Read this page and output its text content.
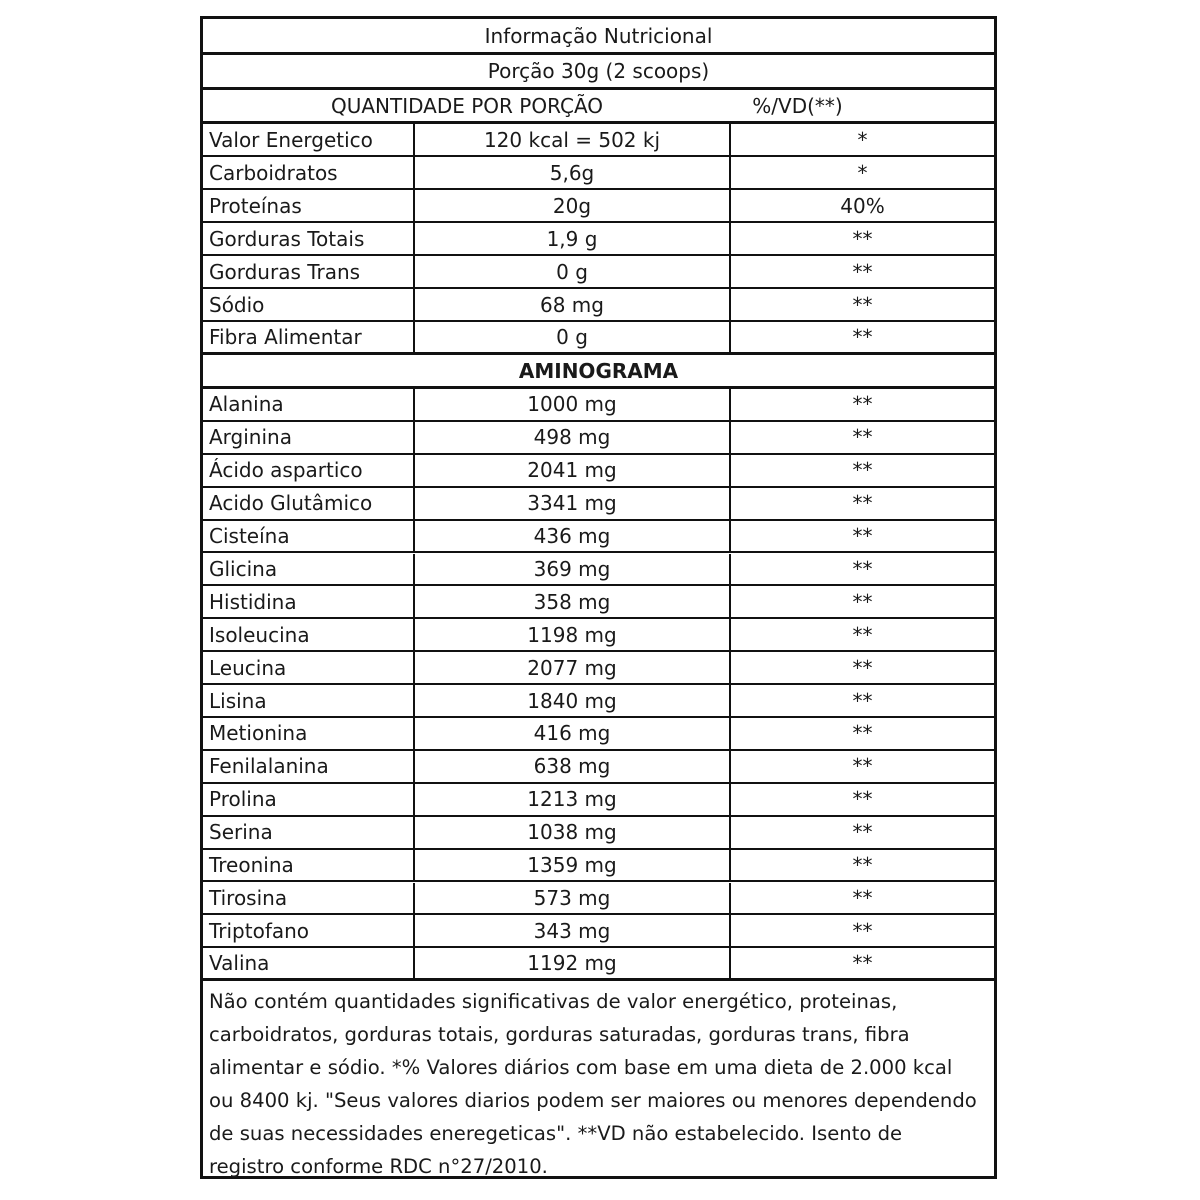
Informação Nutricional
Porção 30g (2 scoops)
QUANTIDADE POR PORÇÃO	%/VD(**)
Valor Energetico	120 kcal = 502 kj	*
Carboidratos	5,6g	*
Proteínas	20g	40%
Gorduras Totais	1,9 g	**
Gorduras Trans	0 g	**
Sódio	68 mg	**
Fibra Alimentar	0 g	**
AMINOGRAMA
Alanina	1000 mg	**
Arginina	498 mg	**
Ácido aspartico	2041 mg	**
Acido Glutâmico	3341 mg	**
Cisteína	436 mg	**
Glicina	369 mg	**
Histidina	358 mg	**
Isoleucina	1198 mg	**
Leucina	2077 mg	**
Lisina	1840 mg	**
Metionina	416 mg	**
Fenilalanina	638 mg	**
Prolina	1213 mg	**
Serina	1038 mg	**
Treonina	1359 mg	**
Tirosina	573 mg	**
Triptofano	343 mg	**
Valina	1192 mg	**
Não contém quantidades significativas de valor energético, proteinas,
carboidratos, gorduras totais, gorduras saturadas, gorduras trans, fibra
alimentar e sódio. *% Valores diários com base em uma dieta de 2.000 kcal
ou 8400 kj. "Seus valores diarios podem ser maiores ou menores dependendo
de suas necessidades eneregeticas". **VD não estabelecido. Isento de
registro conforme RDC n°27/2010.
